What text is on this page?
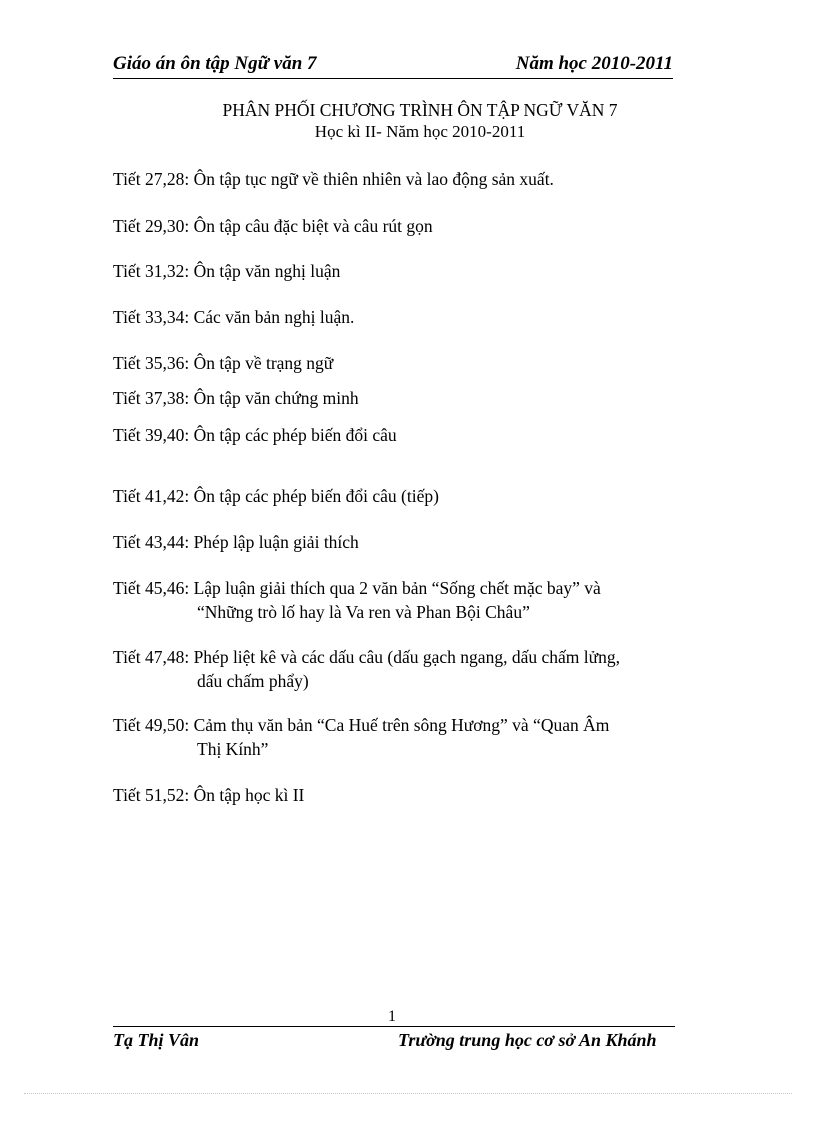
Giáo án ôn tập Ngữ văn 7	Năm học 2010-2011
PHÂN PHỐI CHƯƠNG TRÌNH ÔN TẬP NGỮ VĂN 7
Học kì II- Năm học 2010-2011
Tiết 27,28: Ôn tập tục ngữ về thiên nhiên và lao động sản xuất.
Tiết 29,30: Ôn tập câu đặc biệt và câu rút gọn
Tiết 31,32: Ôn tập văn nghị luận
Tiết 33,34: Các văn bản nghị luận.
Tiết 35,36: Ôn tập về trạng ngữ
Tiết 37,38: Ôn tập văn chứng minh
Tiết 39,40: Ôn tập các phép biến đổi câu
Tiết 41,42: Ôn tập các phép biến đổi câu (tiếp)
Tiết 43,44: Phép lập luận giải thích
Tiết 45,46: Lập luận giải thích qua 2 văn bản “Sống chết mặc bay” và
“Những trò lố hay là Va ren và Phan Bội Châu”
Tiết 47,48: Phép liệt kê và các dấu câu (dấu gạch ngang, dấu chấm lửng,
dấu chấm phẩy)
Tiết 49,50: Cảm thụ văn bản “Ca Huế trên sông Hương” và “Quan Âm
Thị Kính”
Tiết 51,52: Ôn tập học kì II
1
Tạ Thị Vân	Trường trung học cơ sở An Khánh
